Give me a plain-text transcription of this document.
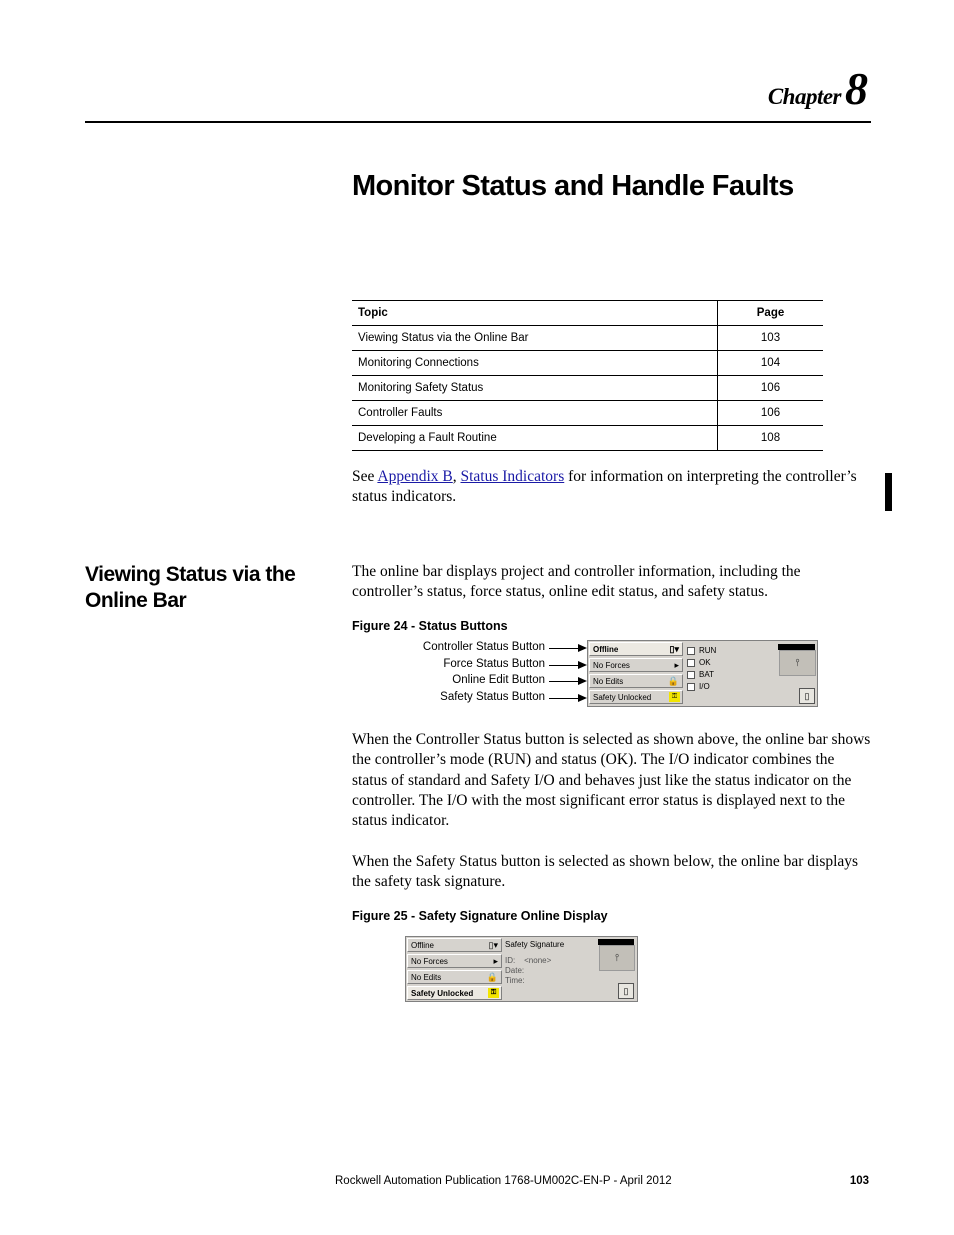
Chapter8
Monitor Status and Handle Faults
Topic	Page
Viewing Status via the Online Bar	103
Monitoring Connections	104
Monitoring Safety Status	106
Controller Faults	106
Developing a Fault Routine	108
See Appendix B, Status Indicators for information on interpreting the controller’s status indicators.
Viewing Status via the Online Bar
The online bar displays project and controller information, including the controller’s status, force status, online edit status, and safety status.
Figure 24 - Status Buttons
Controller Status Button
Force Status Button
Online Edit Button
Safety Status Button
Offline	▯▾
No Forces	▸
No Edits	🔒
Safety Unlocked	⚿
RUN
OK
BAT
I/O
⫯
▯
When the Controller Status button is selected as shown above, the online bar shows the controller’s mode (RUN) and status (OK). The I/O indicator combines the status of standard and Safety I/O and behaves just like the status indicator on the controller. The I/O with the most significant error status is displayed next to the status indicator.
When the Safety Status button is selected as shown below, the online bar displays the safety task signature.
Figure 25 - Safety Signature Online Display
Offline	▯▾
No Forces	▸
No Edits	🔒
Safety Unlocked	⚿
Safety Signature
ID: <none>
Date:
Time:
⫯
▯
Rockwell Automation Publication 1768-UM002C-EN-P - April 2012	103
